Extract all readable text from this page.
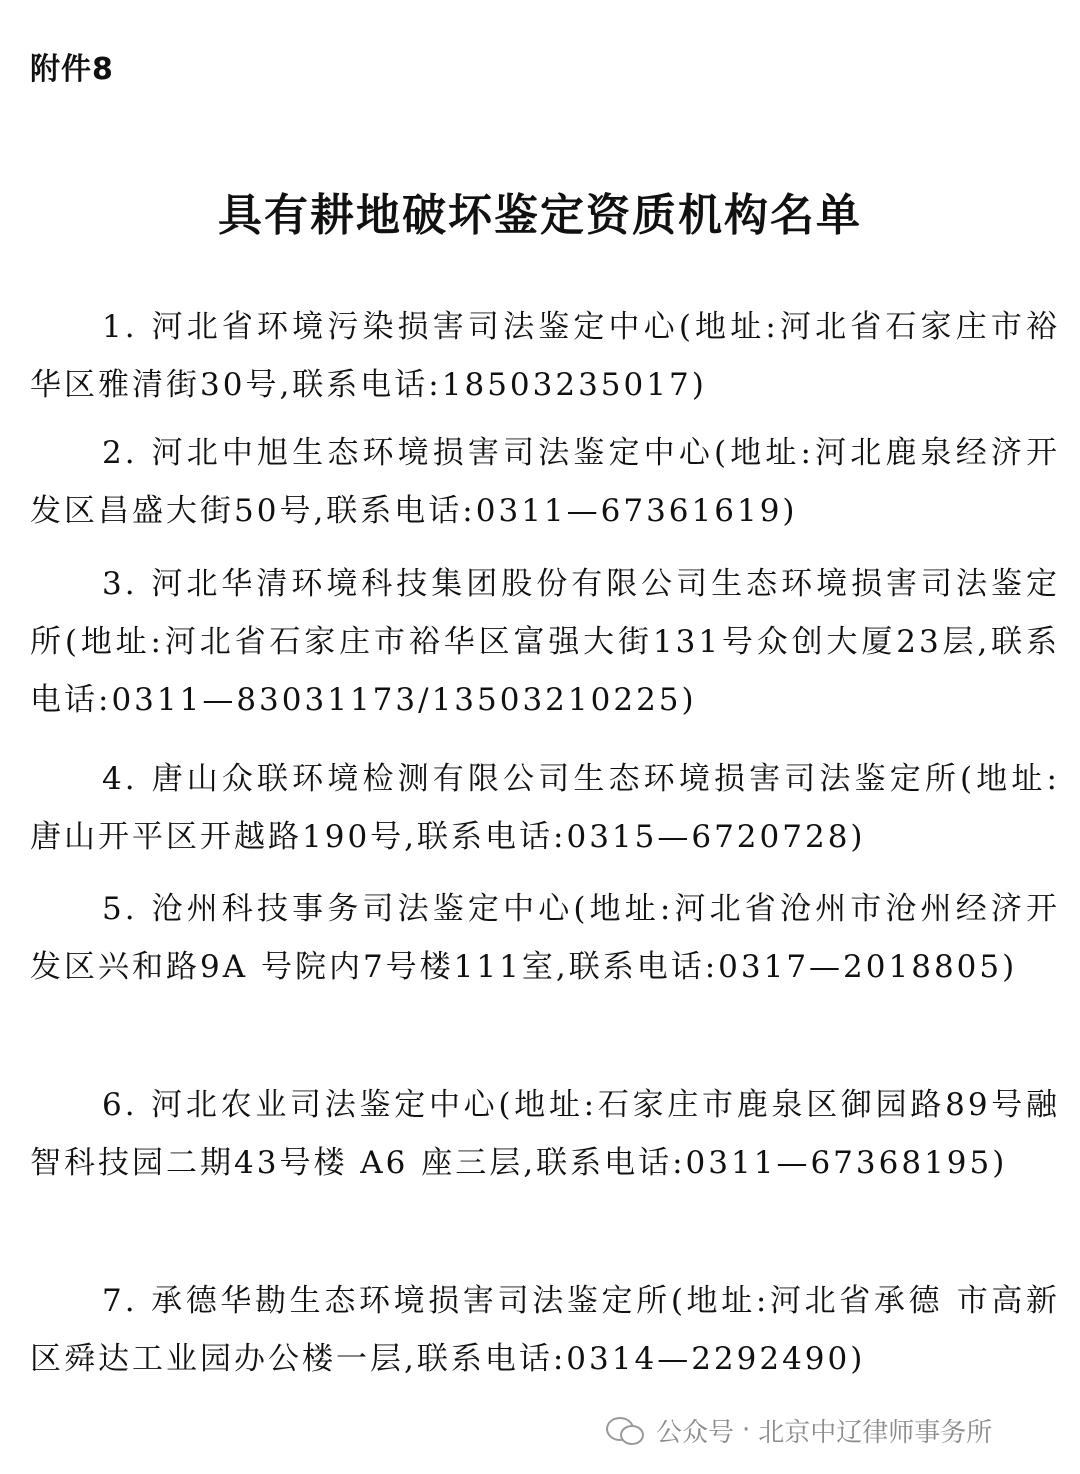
附件8
具有耕地破坏鉴定资质机构名单

1. 河北省环境污染损害司法鉴定中心(地址:河北省石家庄市裕华区雅清街30号,联系电话:18503235017)

2. 河北中旭生态环境损害司法鉴定中心(地址:河北鹿泉经济开发区昌盛大街50号,联系电话:0311—67361619)

3. 河北华清环境科技集团股份有限公司生态环境损害司法鉴定所(地址:河北省石家庄市裕华区富强大街131号众创大厦23层,联系电话:0311—83031173/13503210225)

4. 唐山众联环境检测有限公司生态环境损害司法鉴定所(地址:唐山开平区开越路190号,联系电话:0315—6720728)

5. 沧州科技事务司法鉴定中心(地址:河北省沧州市沧州经济开发区兴和路9A 号院内7号楼111室,联系电话:0317—2018805)

6. 河北农业司法鉴定中心(地址:石家庄市鹿泉区御园路89号融智科技园二期43号楼 A6 座三层,联系电话:0311—67368195)

7. 承德华勘生态环境损害司法鉴定所(地址:河北省承德 市高新区舜达工业园办公楼一层,联系电话:0314—2292490)

公众号 · 北京中辽律师事务所
